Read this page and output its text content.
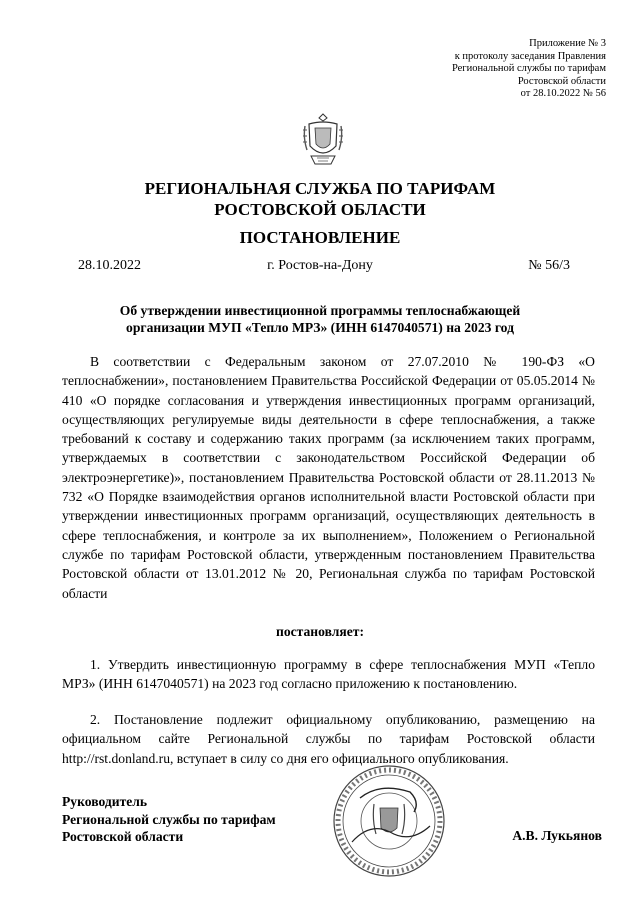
Приложение № 3
к протоколу заседания Правления
Региональной службы по тарифам
Ростовской области
от 28.10.2022 № 56
РЕГИОНАЛЬНАЯ СЛУЖБА ПО ТАРИФАМ
РОСТОВСКОЙ ОБЛАСТИ
ПОСТАНОВЛЕНИЕ
28.10.2022	г. Ростов-на-Дону	№ 56/3
Об утверждении инвестиционной программы теплоснабжающей
организации МУП «Тепло МРЗ» (ИНН 6147040571) на 2023 год
В соответствии с Федеральным законом от 27.07.2010 № 190-ФЗ «О теплоснабжении», постановлением Правительства Российской Федерации от 05.05.2014 № 410 «О порядке согласования и утверждения инвестиционных программ организаций, осуществляющих регулируемые виды деятельности в сфере теплоснабжения, а также требований к составу и содержанию таких программ (за исключением таких программ, утверждаемых в соответствии с законодательством Российской Федерации об электроэнергетике)», постановлением Правительства Ростовской области от 28.11.2013 № 732 «О Порядке взаимодействия органов исполнительной власти Ростовской области при утверждении инвестиционных программ организаций, осуществляющих деятельность в сфере теплоснабжения, и контроле за их выполнением», Положением о Региональной службе по тарифам Ростовской области, утвержденным постановлением Правительства Ростовской области от 13.01.2012 № 20, Региональная служба по тарифам Ростовской области
постановляет:
1. Утвердить инвестиционную программу в сфере теплоснабжения МУП «Тепло МРЗ» (ИНН 6147040571) на 2023 год согласно приложению к постановлению.
2. Постановление подлежит официальному опубликованию, размещению на официальном сайте Региональной службы по тарифам Ростовской области http://rst.donland.ru, вступает в силу со дня его официального опубликования.
Руководитель
Региональной службы по тарифам
Ростовской области	А.В. Лукьянов
